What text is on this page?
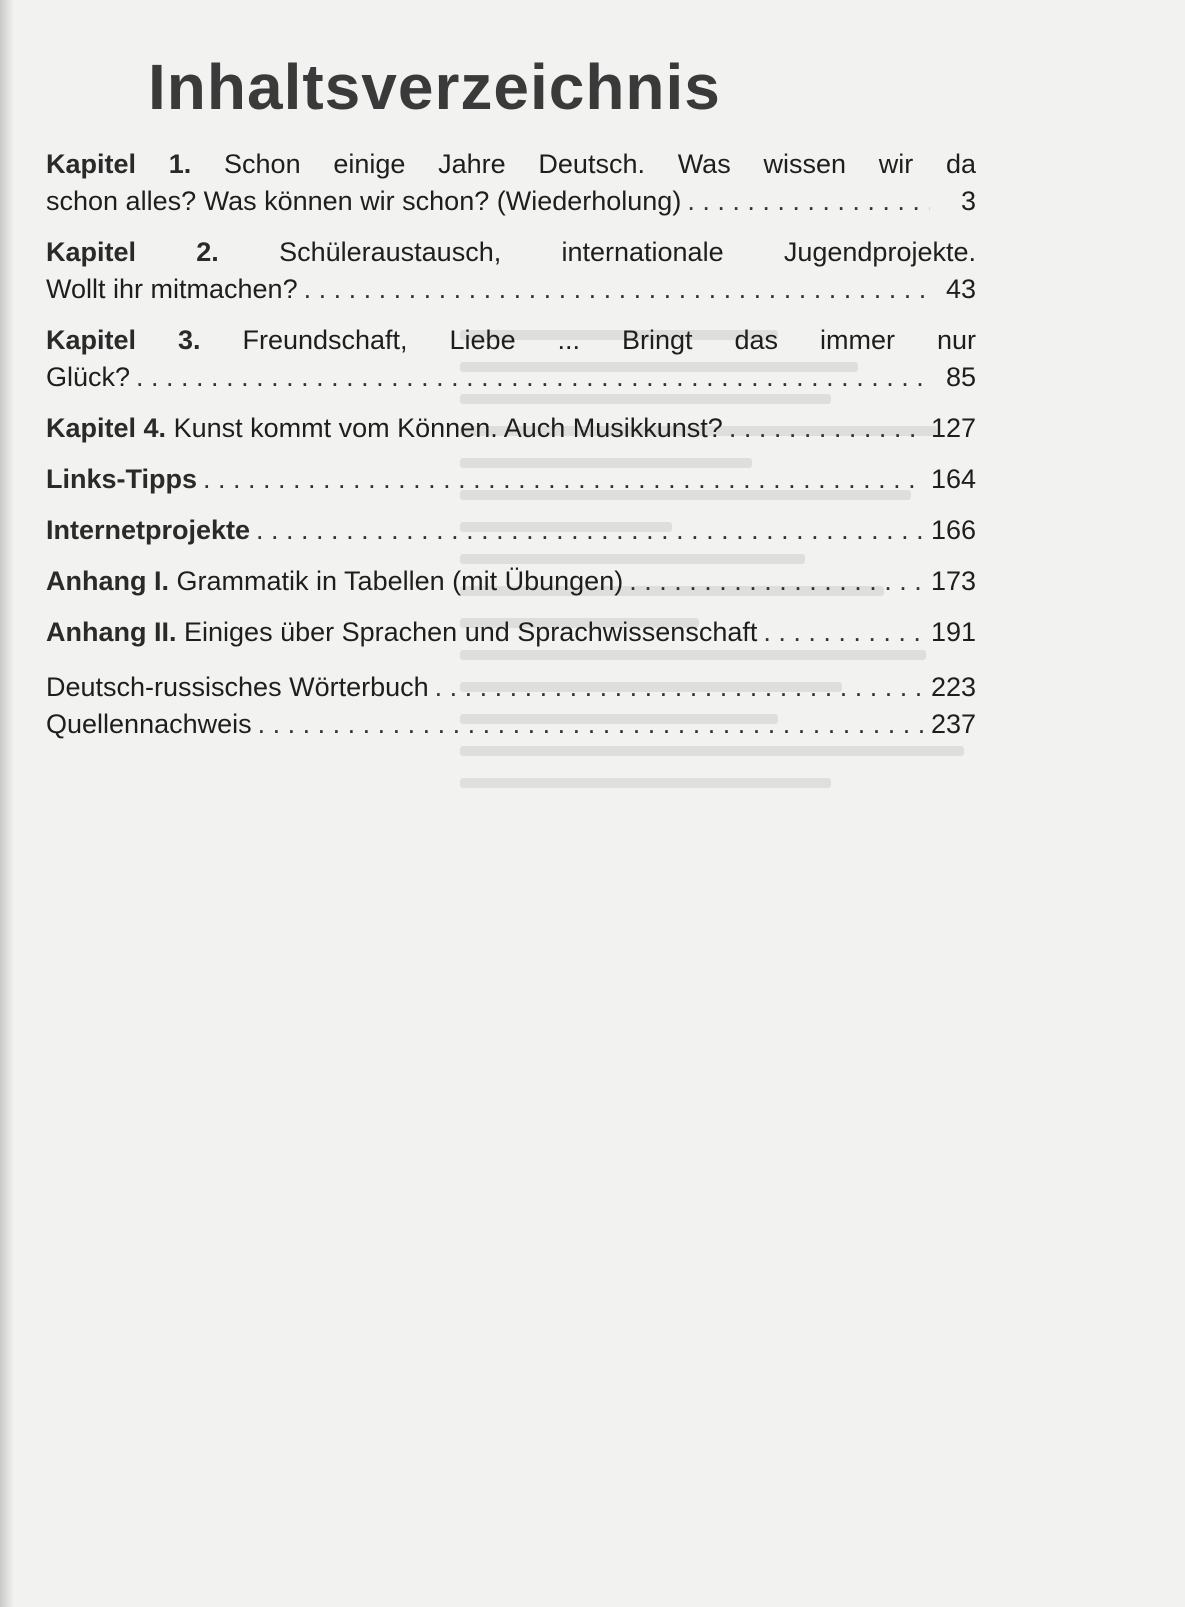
Inhaltsverzeichnis
Kapitel 1. Schon einige Jahre Deutsch. Was wissen wir da
schon alles? Was können wir schon? (Wiederholung) . . .	3
Kapitel 2. Schüleraustausch, internationale Jugendprojekte.
Wollt ihr mitmachen? . . .	43
Kapitel 3. Freundschaft, Liebe ... Bringt das immer nur
Glück? . . .	85
Kapitel 4. Kunst kommt vom Können. Auch Musikkunst? . . .	127
Links-Tipps . . .	164
Internetprojekte . . .	166
Anhang I. Grammatik in Tabellen (mit Übungen) . . .	173
Anhang II. Einiges über Sprachen und Sprachwissenschaft . . .	191
Deutsch-russisches Wörterbuch . . .	223
Quellennachweis . . .	237
